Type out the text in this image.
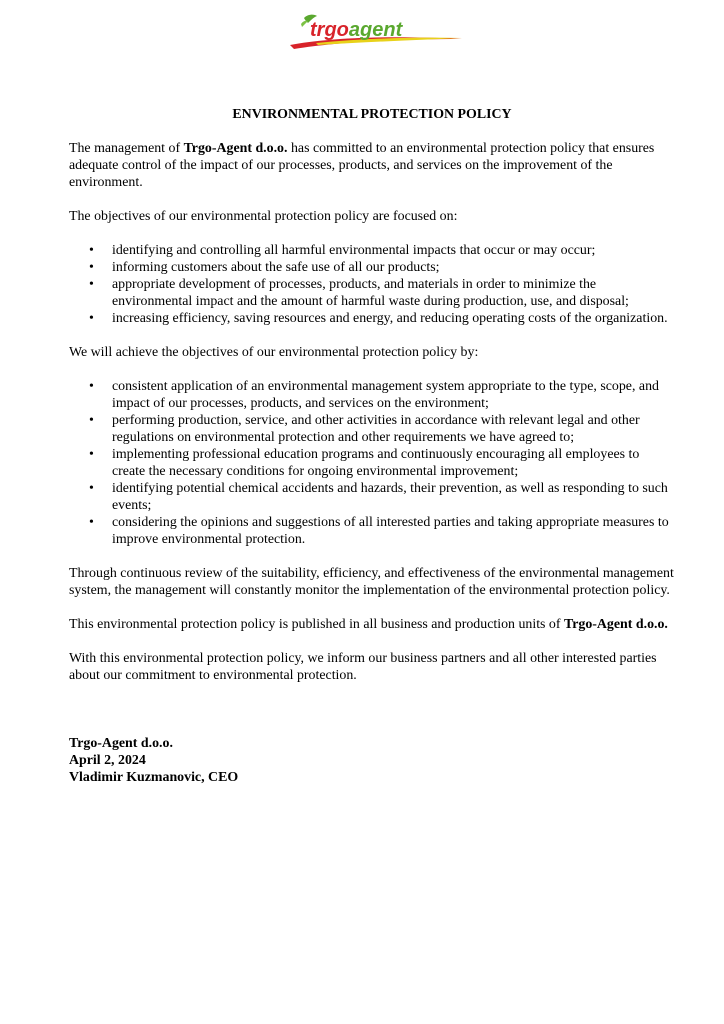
trgoagent
ENVIRONMENTAL PROTECTION POLICY

The management of Trgo-Agent d.o.o. has committed to an environmental protection policy that ensures adequate control of the impact of our processes, products, and services on the improvement of the environment.

The objectives of our environmental protection policy are focused on:

• identifying and controlling all harmful environmental impacts that occur or may occur;
• informing customers about the safe use of all our products;
• appropriate development of processes, products, and materials in order to minimize the environmental impact and the amount of harmful waste during production, use, and disposal;
• increasing efficiency, saving resources and energy, and reducing operating costs of the organization.

We will achieve the objectives of our environmental protection policy by:

• consistent application of an environmental management system appropriate to the type, scope, and impact of our processes, products, and services on the environment;
• performing production, service, and other activities in accordance with relevant legal and other regulations on environmental protection and other requirements we have agreed to;
• implementing professional education programs and continuously encouraging all employees to create the necessary conditions for ongoing environmental improvement;
• identifying potential chemical accidents and hazards, their prevention, as well as responding to such events;
• considering the opinions and suggestions of all interested parties and taking appropriate measures to improve environmental protection.

Through continuous review of the suitability, efficiency, and effectiveness of the environmental management system, the management will constantly monitor the implementation of the environmental protection policy.

This environmental protection policy is published in all business and production units of Trgo-Agent d.o.o.

With this environmental protection policy, we inform our business partners and all other interested parties about our commitment to environmental protection.

Trgo-Agent d.o.o.
April 2, 2024
Vladimir Kuzmanovic, CEO
